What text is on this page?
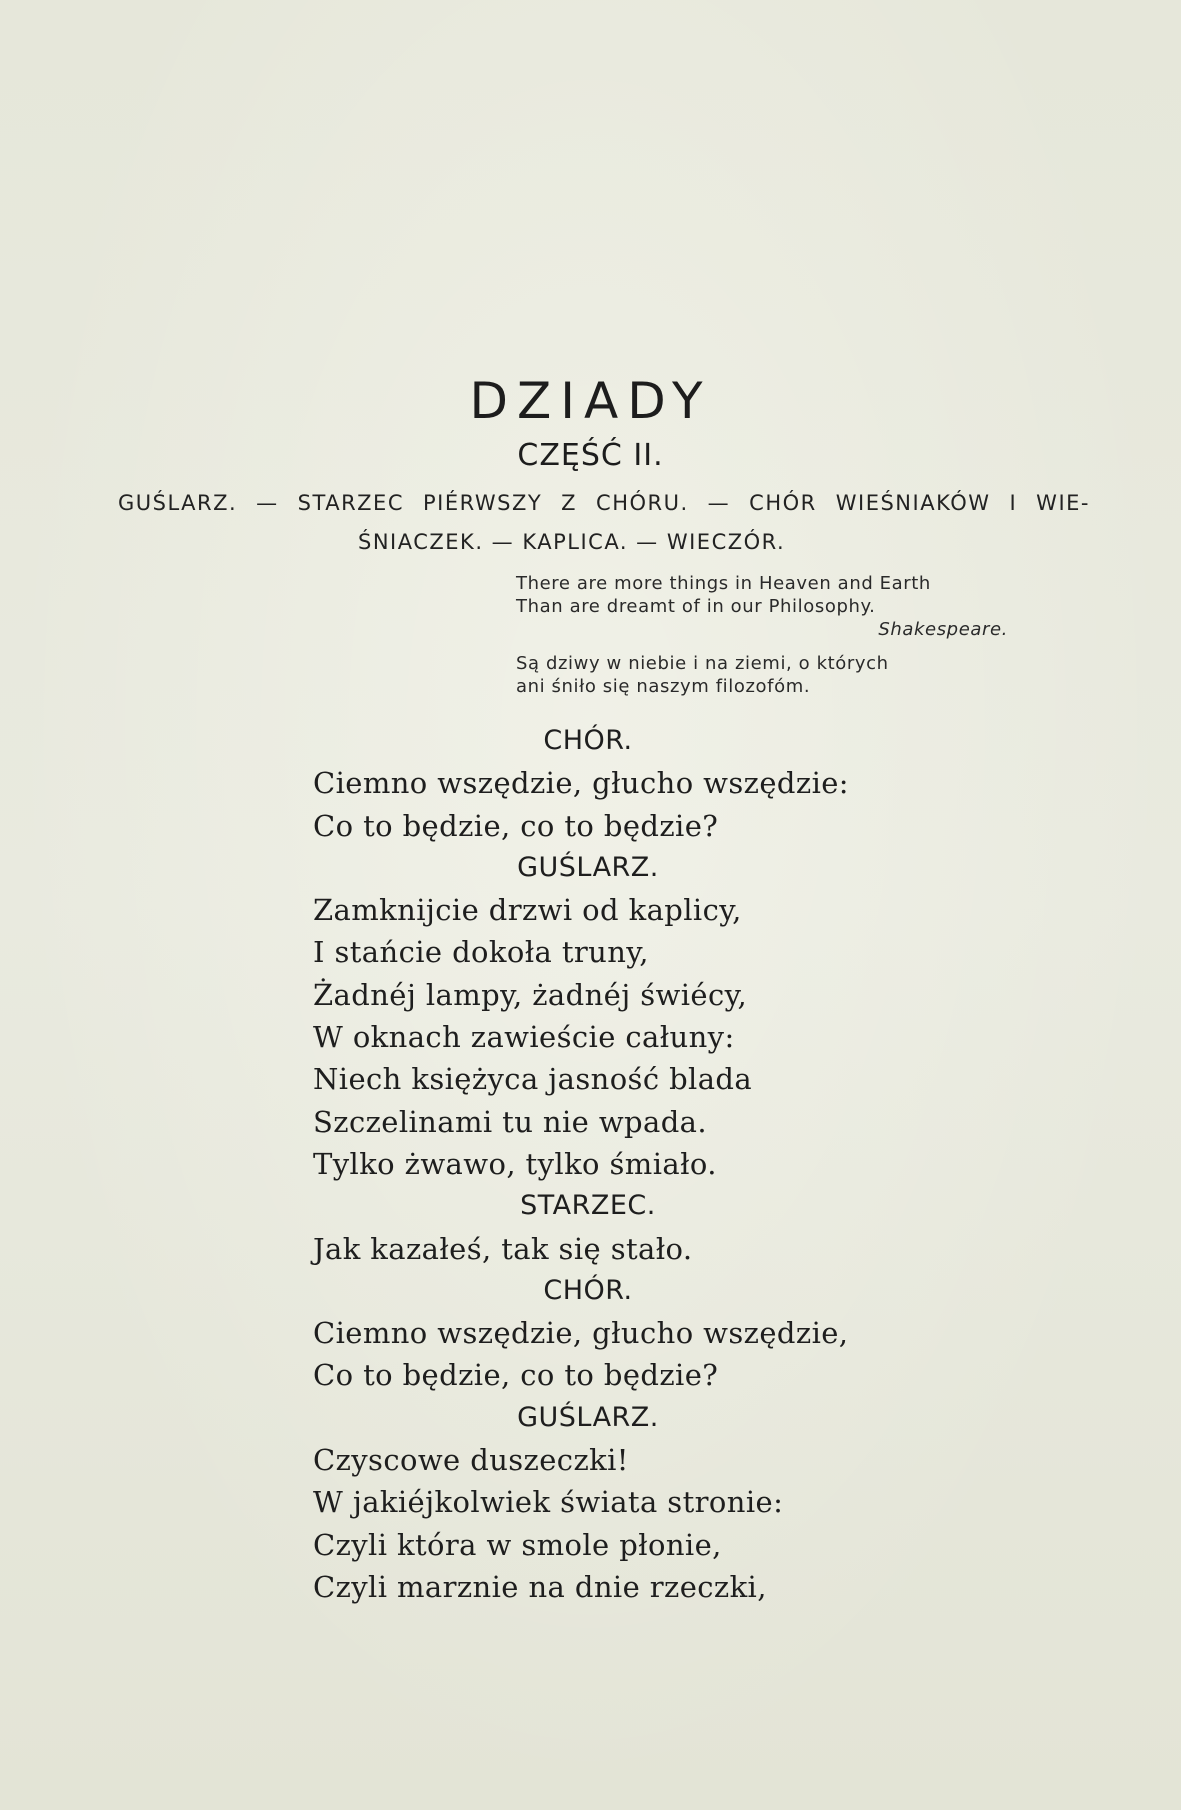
DZIADY
CZĘŚĆ II.
GUŚLARZ. — STARZEC PIÉRWSZY Z CHÓRU. — CHÓR WIEŚNIAKÓW I WIE-
ŚNIACZEK. — KAPLICA. — WIECZÓR.
There are more things in Heaven and Earth
Than are dreamt of in our Philosophy.
Shakespeare.
Są dziwy w niebie i na ziemi, o których
ani śniło się naszym filozofóm.
CHÓR.
Ciemno wszędzie, głucho wszędzie:
Co to będzie, co to będzie?
GUŚLARZ.
Zamknijcie drzwi od kaplicy,
I stańcie dokoła truny,
Żadnéj lampy, żadnéj świécy,
W oknach zawieście całuny:
Niech księżyca jasność blada
Szczelinami tu nie wpada.
Tylko żwawo, tylko śmiało.
STARZEC.
Jak kazałeś, tak się stało.
CHÓR.
Ciemno wszędzie, głucho wszędzie,
Co to będzie, co to będzie?
GUŚLARZ.
Czyscowe duszeczki!
W jakiéjkolwiek świata stronie:
Czyli która w smole płonie,
Czyli marznie na dnie rzeczki,
